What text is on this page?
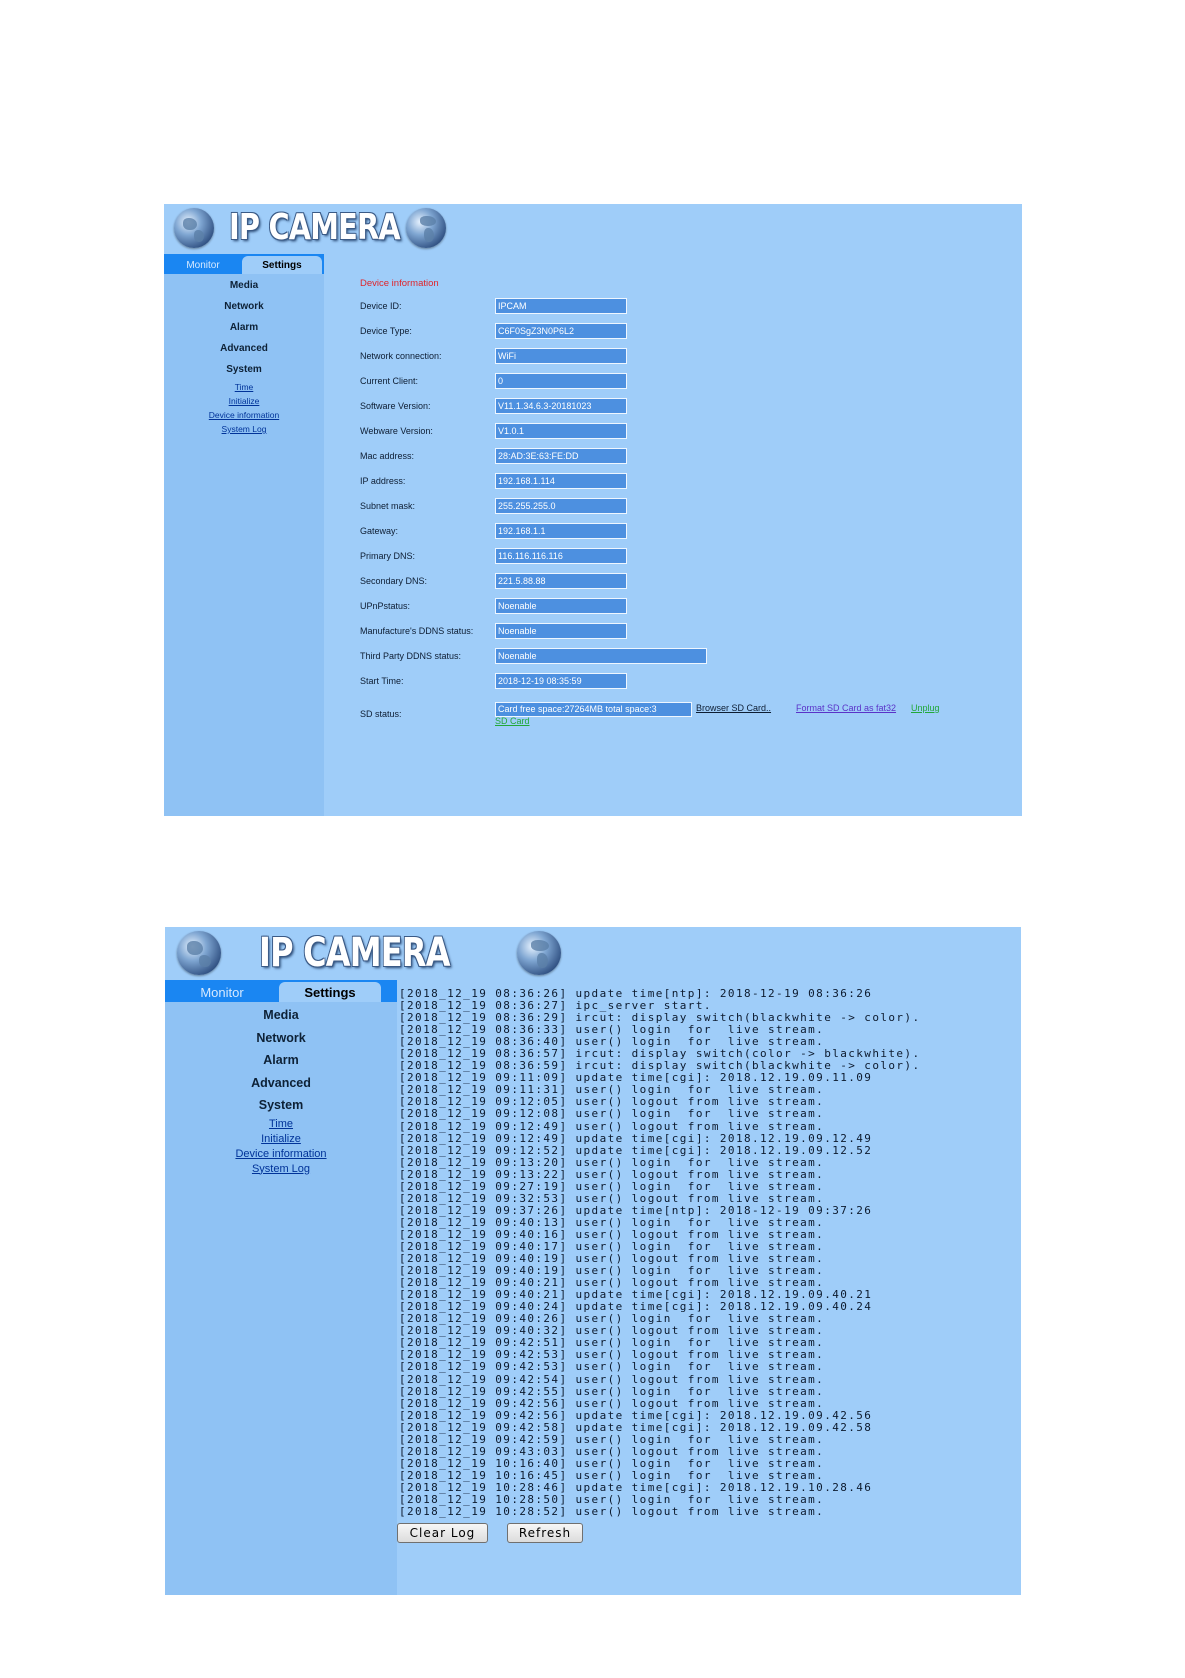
IP CAMERA
Monitor	Settings
Media
Network
Alarm
Advanced
System
Time
Initialize
Device information
System Log
Device information
Device ID:	IPCAM
Device Type:	C6F0SgZ3N0P6L2
Network connection:	WiFi
Current Client:	0
Software Version:	V11.1.34.6.3-20181023
Webware Version:	V1.0.1
Mac address:	28:AD:3E:63:FE:DD
IP address:	192.168.1.114
Subnet mask:	255.255.255.0
Gateway:	192.168.1.1
Primary DNS:	116.116.116.116
Secondary DNS:	221.5.88.88
UPnPstatus:	Noenable
Manufacture's DDNS status:	Noenable
Third Party DDNS status:	Noenable
Start Time:	2018-12-19 08:35:59
SD status:	Card free space:27264MB total space:3	Browser SD Card..	Format SD Card as fat32 Unplug
SD Card
IP CAMERA
Monitor	Settings
Media
Network
Alarm
Advanced
System
Time
Initialize
Device information
System Log
[2018_12_19 08:36:26] update time[ntp]: 2018-12-19 08:36:26
[2018_12_19 08:36:27] ipc_server start.
[2018_12_19 08:36:29] ircut: display switch(blackwhite -> color).
[2018_12_19 08:36:33] user() login  for  live stream.
[2018_12_19 08:36:40] user() login  for  live stream.
[2018_12_19 08:36:57] ircut: display switch(color -> blackwhite).
[2018_12_19 08:36:59] ircut: display switch(blackwhite -> color).
[2018_12_19 09:11:09] update time[cgi]: 2018.12.19.09.11.09
[2018_12_19 09:11:31] user() login  for  live stream.
[2018_12_19 09:12:05] user() logout from live stream.
[2018_12_19 09:12:08] user() login  for  live stream.
[2018_12_19 09:12:49] user() logout from live stream.
[2018_12_19 09:12:49] update time[cgi]: 2018.12.19.09.12.49
[2018_12_19 09:12:52] update time[cgi]: 2018.12.19.09.12.52
[2018_12_19 09:13:20] user() login  for  live stream.
[2018_12_19 09:13:22] user() logout from live stream.
[2018_12_19 09:27:19] user() login  for  live stream.
[2018_12_19 09:32:53] user() logout from live stream.
[2018_12_19 09:37:26] update time[ntp]: 2018-12-19 09:37:26
[2018_12_19 09:40:13] user() login  for  live stream.
[2018_12_19 09:40:16] user() logout from live stream.
[2018_12_19 09:40:17] user() login  for  live stream.
[2018_12_19 09:40:19] user() logout from live stream.
[2018_12_19 09:40:19] user() login  for  live stream.
[2018_12_19 09:40:21] user() logout from live stream.
[2018_12_19 09:40:21] update time[cgi]: 2018.12.19.09.40.21
[2018_12_19 09:40:24] update time[cgi]: 2018.12.19.09.40.24
[2018_12_19 09:40:26] user() login  for  live stream.
[2018_12_19 09:40:32] user() logout from live stream.
[2018_12_19 09:42:51] user() login  for  live stream.
[2018_12_19 09:42:53] user() logout from live stream.
[2018_12_19 09:42:53] user() login  for  live stream.
[2018_12_19 09:42:54] user() logout from live stream.
[2018_12_19 09:42:55] user() login  for  live stream.
[2018_12_19 09:42:56] user() logout from live stream.
[2018_12_19 09:42:56] update time[cgi]: 2018.12.19.09.42.56
[2018_12_19 09:42:58] update time[cgi]: 2018.12.19.09.42.58
[2018_12_19 09:42:59] user() login  for  live stream.
[2018_12_19 09:43:03] user() logout from live stream.
[2018_12_19 10:16:40] user() login  for  live stream.
[2018_12_19 10:16:45] user() login  for  live stream.
[2018_12_19 10:28:46] update time[cgi]: 2018.12.19.10.28.46
[2018_12_19 10:28:50] user() login  for  live stream.
[2018_12_19 10:28:52] user() logout from live stream.
Clear Log	Refresh
